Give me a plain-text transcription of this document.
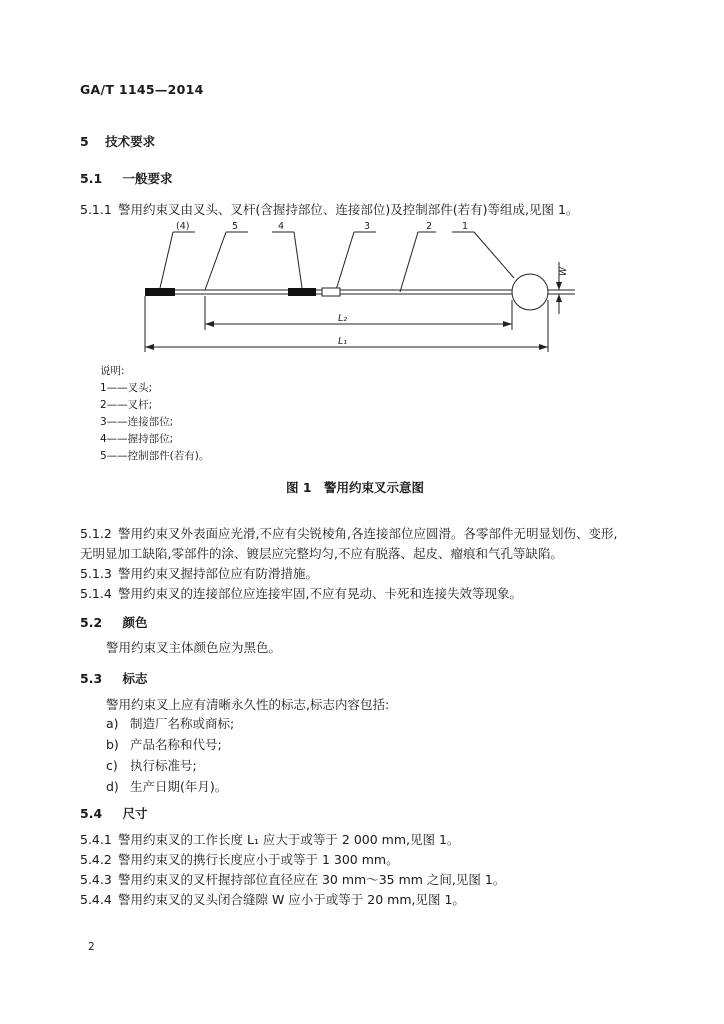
GA/T 1145—2014
5 技术要求
5.1 一般要求
5.1.1 警用约束叉由叉头、叉杆(含握持部位、连接部位)及控制部件(若有)等组成,见图 1。
(4)	5	4	3	2	1
W
L₂
L₁
说明:
1——叉头;
2——叉杆;
3——连接部位;
4——握持部位;
5——控制部件(若有)。
图 1　警用约束叉示意图
5.1.2 警用约束叉外表面应光滑,不应有尖锐棱角,各连接部位应圆滑。各零部件无明显划伤、变形,
无明显加工缺陷,零部件的涂、镀层应完整均匀,不应有脱落、起皮、瘤痕和气孔等缺陷。
5.1.3 警用约束叉握持部位应有防滑措施。
5.1.4 警用约束叉的连接部位应连接牢固,不应有晃动、卡死和连接失效等现象。
5.2 颜色
警用约束叉主体颜色应为黑色。
5.3 标志
警用约束叉上应有清晰永久性的标志,标志内容包括:
a) 制造厂名称或商标;
b) 产品名称和代号;
c) 执行标准号;
d) 生产日期(年月)。
5.4 尺寸
5.4.1 警用约束叉的工作长度 L₁ 应大于或等于 2 000 mm,见图 1。
5.4.2 警用约束叉的携行长度应小于或等于 1 300 mm。
5.4.3 警用约束叉的叉杆握持部位直径应在 30 mm～35 mm 之间,见图 1。
5.4.4 警用约束叉的叉头闭合缝隙 W 应小于或等于 20 mm,见图 1。
2
